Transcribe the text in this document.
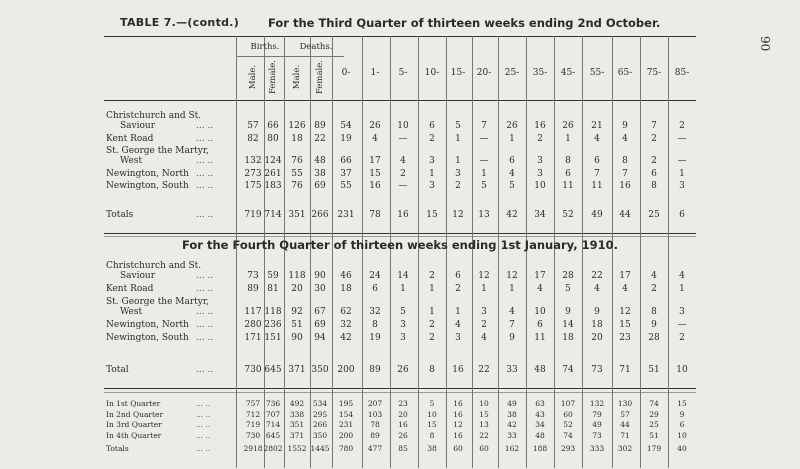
TABLE 7.—(contd.)	For the Third Quarter of thirteen weeks ending 2nd October.
90
Births.	Deaths.
Male. Female. Male. Female.	0-	1-	5-	10-	15-	20-	25-	35-	45-	55-	65-	75-	85-
Christchurch and St.
Saviour	... ..	57 66	126 89	54	26	10	6	5	7	26	16	26	21	9	7	2
Kent Road	... ..	82 80	18	22	19	4	—	2	1	—	1	2	1	4	4	2	—
St. George the Martyr,
West	... ..	132 124	76	48	66	17	4	3	1	—	6	3	8	6	8	2	—
Newington, North ... ..	273 261	55	38	37	15	2	1	3	1	4	3	6	7	7	6	1
Newington, South ... ..	175 183	76	69	55	16	—	3	2	5	5	10	11	11	16	8	3
Totals	... ..	719 714 351 266 231	78	16	15	12	13	42	34	52	49	44	25	6
For the Fourth Quarter of thirteen weeks ending 1st January, 1910.
Christchurch and St.
Saviour	... ..	73 59	118 90	46	24	14	2	6	12	12	17	28	22	17	4	4
Kent Road	... ..	89 81	20	30	18	6	1	1	2	1	1	4	5	4	4	2	1
St. George the Martyr,
West	... ..	117 118	92	67	62	32	5	1	1	3	4	10	9	9	12	8	3
Newington, North ... ..	280 236	51	69	32	8	3	2	4	2	7	6	14	18	15	9	—
Newington, South ... ..	171 151	90	94	42	19	3	2	3	4	9	11	18	20	23	28	2
Total	... ..	730 645 371 350 200	89	26	8	16	22	33	48	74	73	71	51	10
In 1st Quarter	... ..	757 736	492	534	195	207	23	5	16	10	49	63	107	132	130	74	15
In 2nd Quarter	... ..	712 707	338	295	154	103	20	10	16	15	38	43	60	79	57	29	9
In 3rd Quarter	... ..	719 714	351	266	231	78	16	15	12	13	42	34	52	49	44	25	6
In 4th Quarter	... ..	730 645	371	350	200	89	26	8	16	22	33	48	74	73	71	51	10
Totals	... ..	2918 2802 1552 1445	780	477	85	38	60	60	162	188	293	333	302	179	40
